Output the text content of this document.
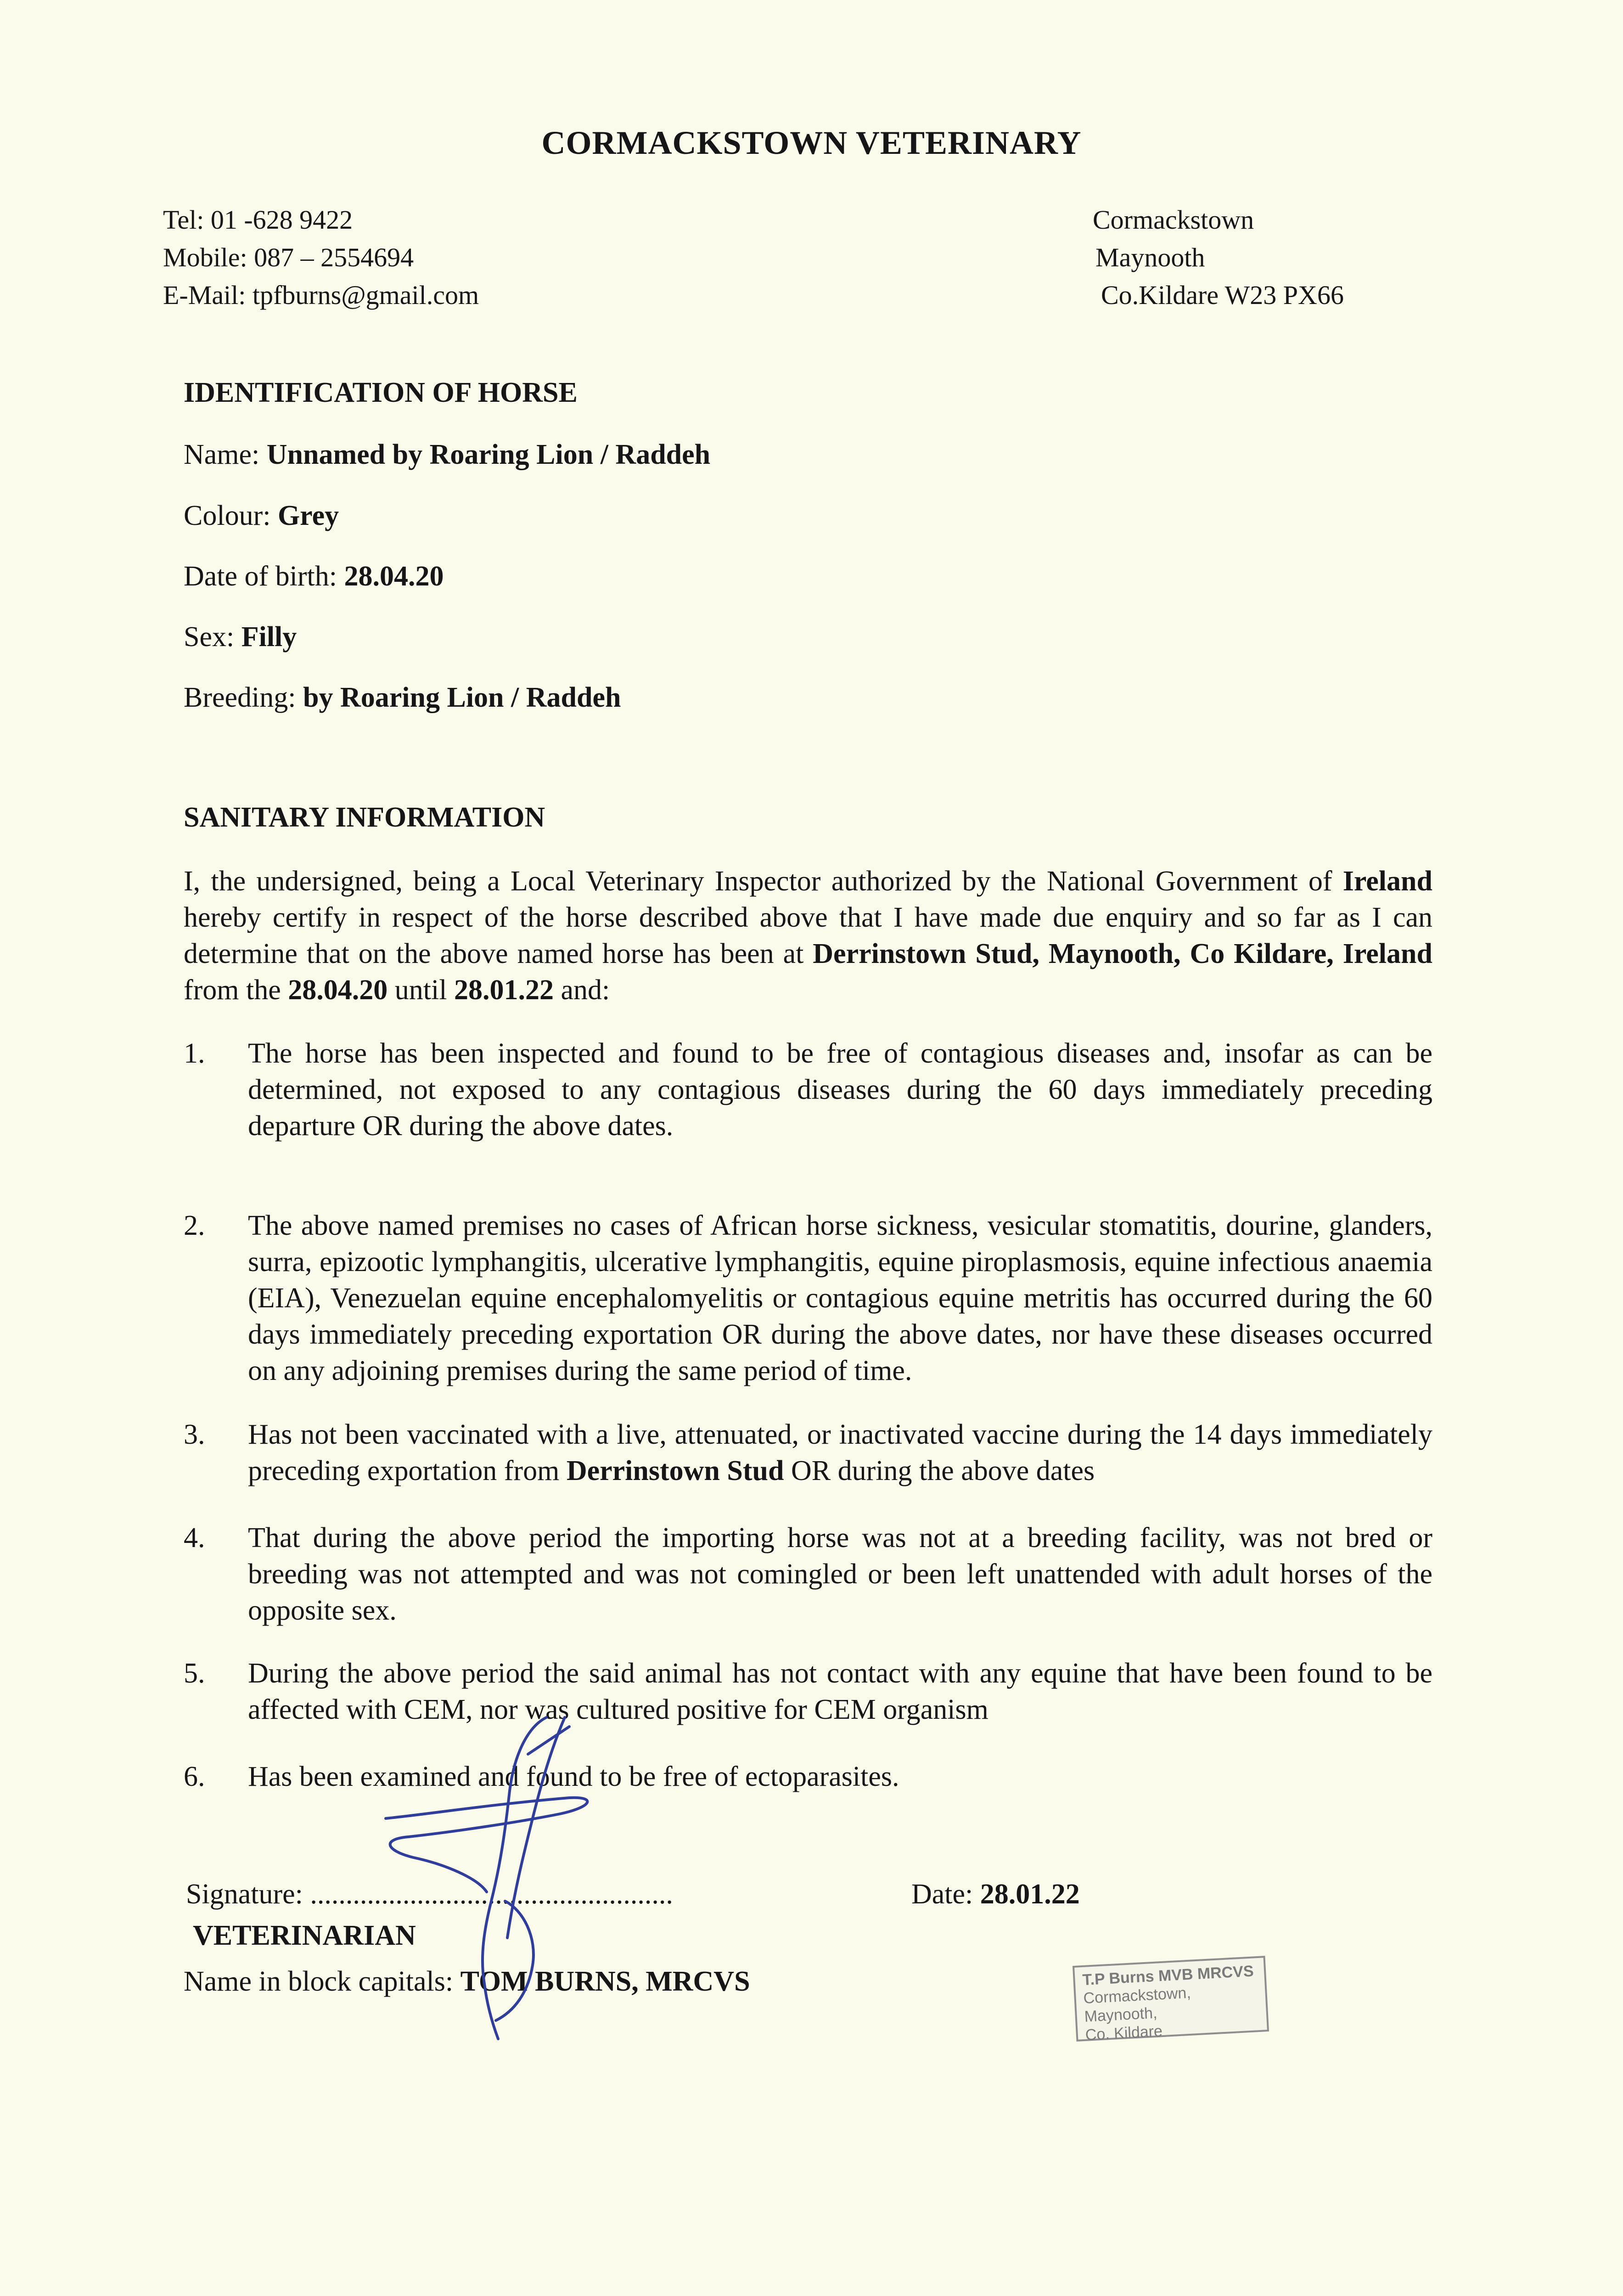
CORMACKSTOWN VETERINARY
Tel: 01 -628 9422
Mobile: 087 – 2554694
E-Mail: tpfburns@gmail.com
Cormackstown
Maynooth
Co.Kildare W23 PX66
IDENTIFICATION OF HORSE
Name: Unnamed by Roaring Lion / Raddeh
Colour: Grey
Date of birth: 28.04.20
Sex: Filly
Breeding: by Roaring Lion / Raddeh
SANITARY INFORMATION
I, the undersigned, being a Local Veterinary Inspector authorized by the National Government of Ireland hereby certify in respect of the horse described above that I have made due enquiry and so far as I can determine that on the above named horse has been at Derrinstown Stud, Maynooth, Co Kildare, Ireland from the 28.04.20 until 28.01.22 and:
1. The horse has been inspected and found to be free of contagious diseases and, insofar as can be determined, not exposed to any contagious diseases during the 60 days immediately preceding departure OR during the above dates.
2. The above named premises no cases of African horse sickness, vesicular stomatitis, dourine, glanders, surra, epizootic lymphangitis, ulcerative lymphangitis, equine piroplasmosis, equine infectious anaemia (EIA), Venezuelan equine encephalomyelitis or contagious equine metritis has occurred during the 60 days immediately preceding exportation OR during the above dates, nor have these diseases occurred on any adjoining premises during the same period of time.
3. Has not been vaccinated with a live, attenuated, or inactivated vaccine during the 14 days immediately preceding exportation from Derrinstown Stud OR during the above dates
4. That during the above period the importing horse was not at a breeding facility, was not bred or breeding was not attempted and was not comingled or been left unattended with adult horses of the opposite sex.
5. During the above period the said animal has not contact with any equine that have been found to be affected with CEM, nor was cultured positive for CEM organism
6. Has been examined and found to be free of ectoparasites.
Signature: ...................................................
VETERINARIAN
Name in block capitals: TOM BURNS, MRCVS
Date: 28.01.22
T.P Burns MVB MRCVS
Cormackstown, Maynooth,
Co. Kildare
